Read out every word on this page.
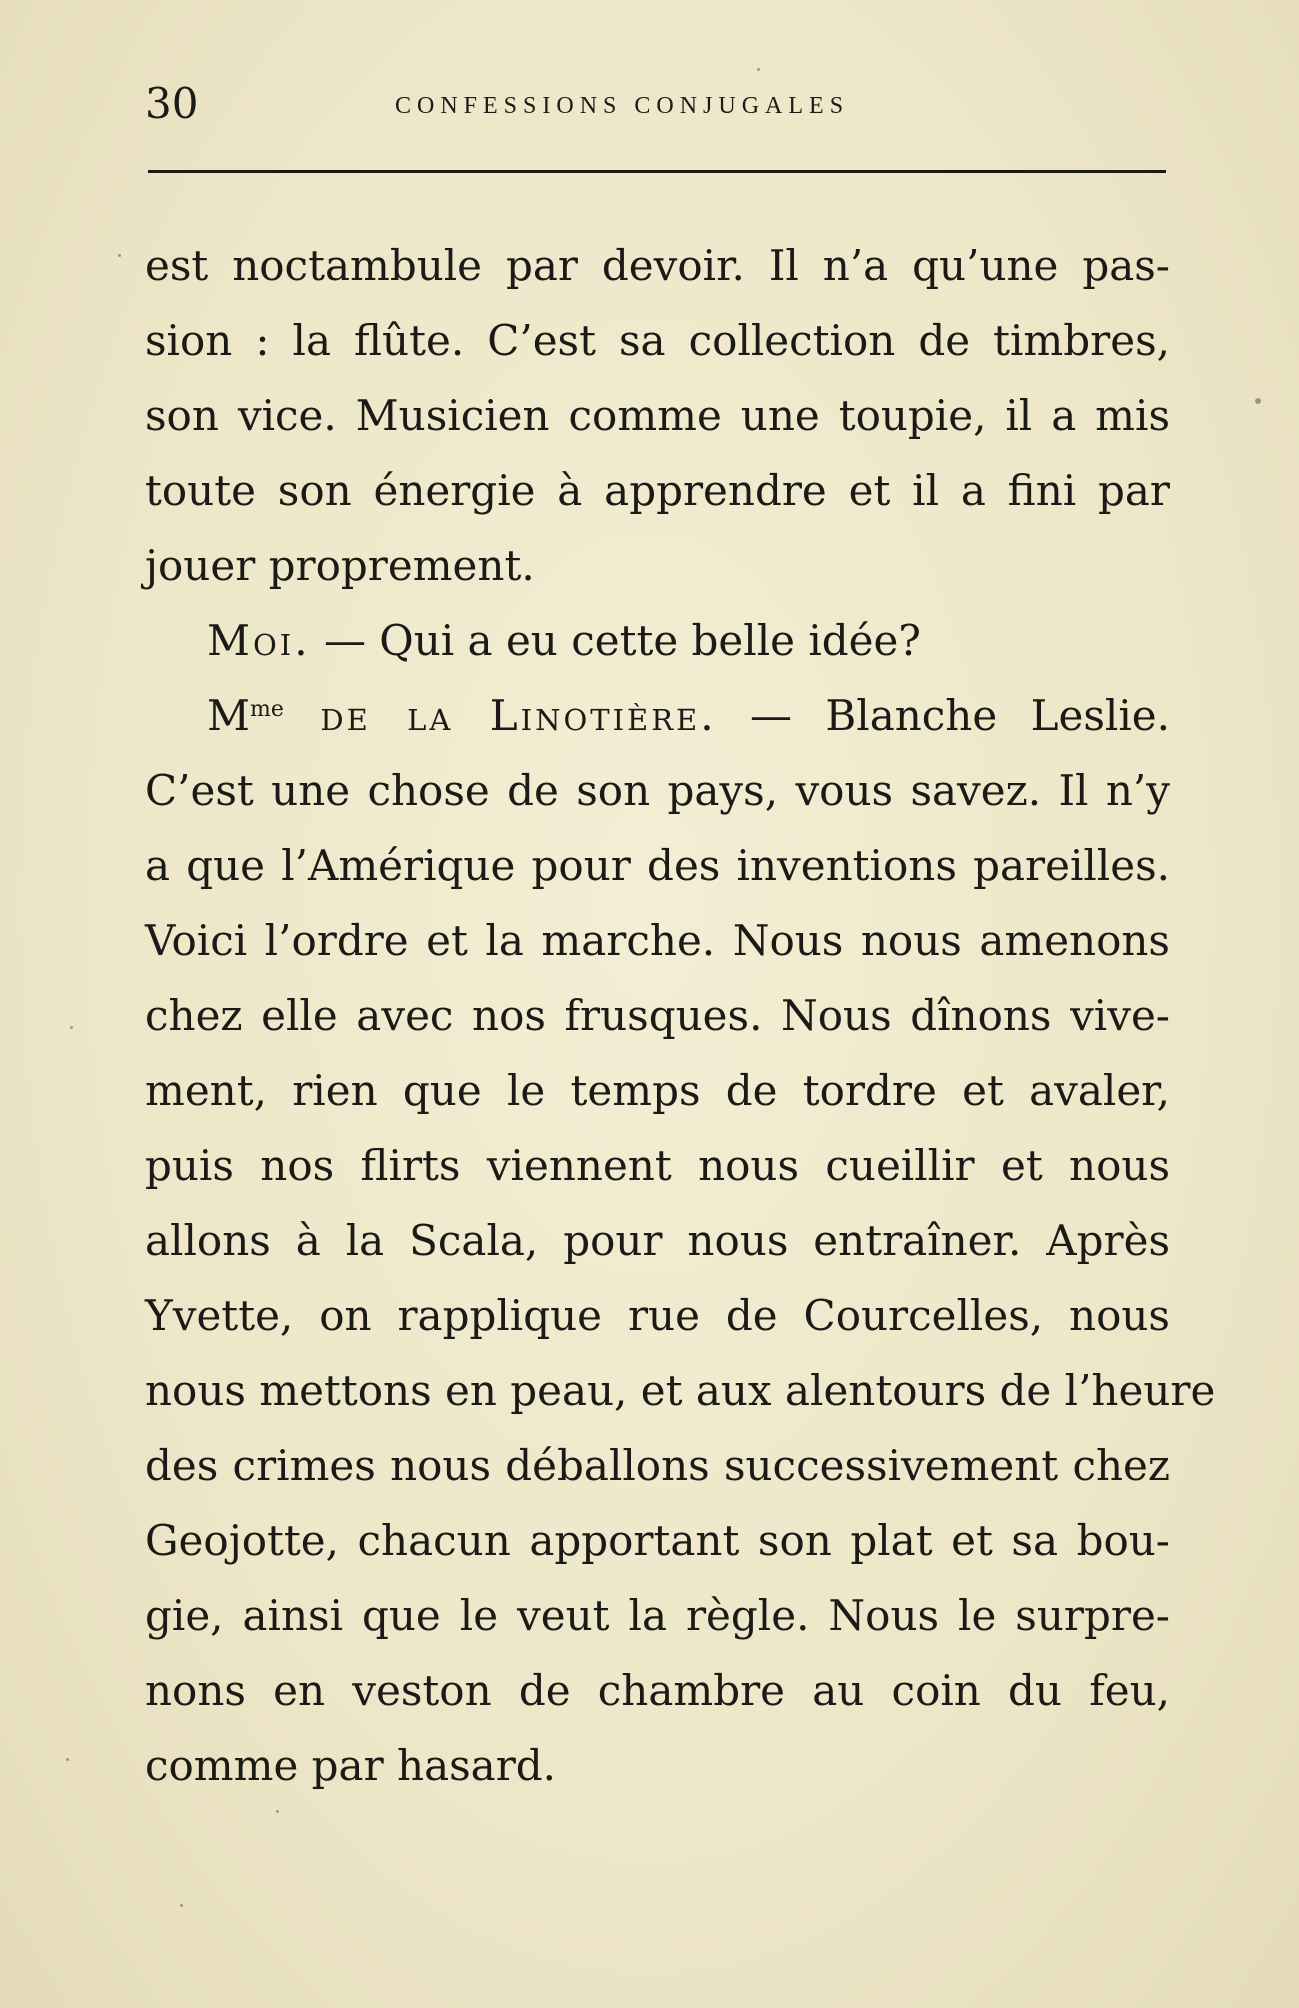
30	CONFESSIONS CONJUGALES
est noctambule par devoir. Il n’a qu’une pas-
sion : la flûte. C’est sa collection de timbres,
son vice. Musicien comme une toupie, il a mis
toute son énergie à apprendre et il a fini par
jouer proprement.
Moi. — Qui a eu cette belle idée?
$M^{me}$ de la Linotière. — Blanche Leslie.
C’est une chose de son pays, vous savez. Il n’y
a que l’Amérique pour des inventions pareilles.
Voici l’ordre et la marche. Nous nous amenons
chez elle avec nos frusques. Nous dînons vive-
ment, rien que le temps de tordre et avaler,
puis nos flirts viennent nous cueillir et nous
allons à la Scala, pour nous entraîner. Après
Yvette, on rapplique rue de Courcelles, nous
nous mettons en peau, et aux alentours de l’heure
des crimes nous déballons successivement chez
Geojotte, chacun apportant son plat et sa bou-
gie, ainsi que le veut la règle. Nous le surpre-
nons en veston de chambre au coin du feu,
comme par hasard.
